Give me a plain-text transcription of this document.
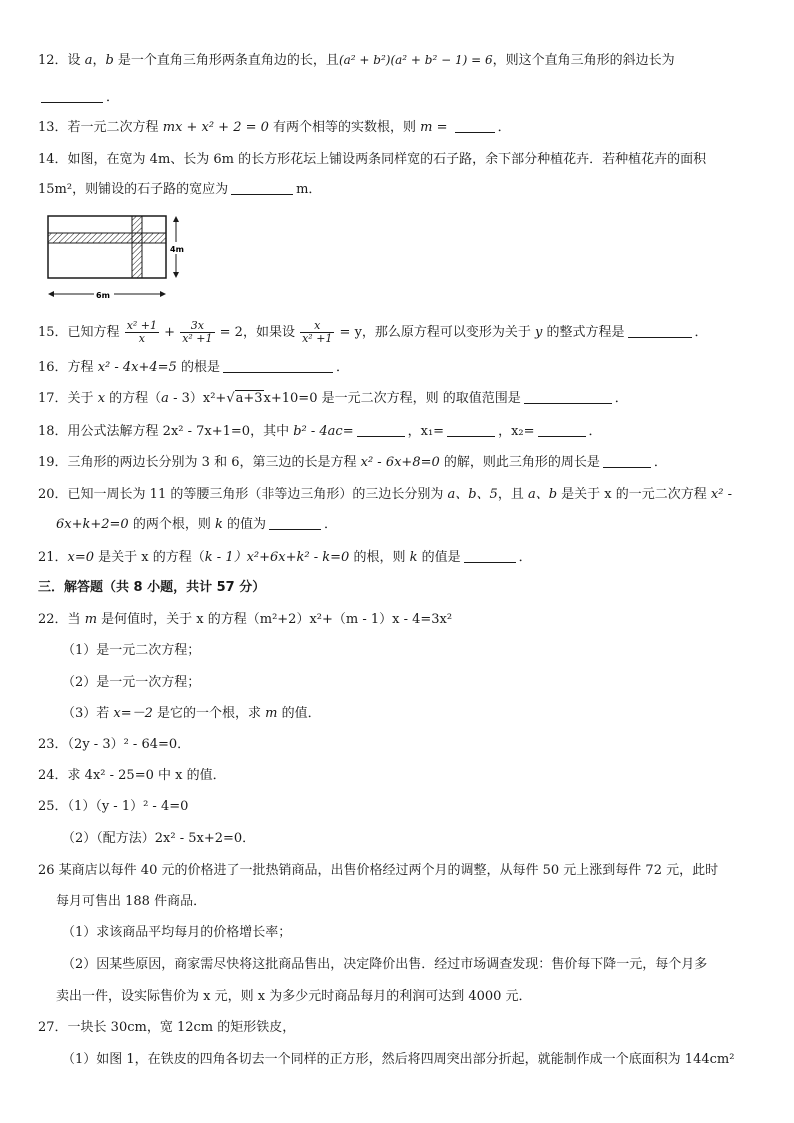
12．设 a，b 是一个直角三角形两条直角边的长，且(a² + b²)(a² + b² − 1) = 6，则这个直角三角形的斜边长为
．
13．若一元二次方程 mx + x² + 2 = 0 有两个相等的实数根，则 m =	．
14．如图，在宽为 4m、长为 6m 的长方形花坛上铺设两条同样宽的石子路，余下部分种植花卉．若种植花卉的面积
15m²，则铺设的石子路的宽应为	m．
4m
6m
15．已知方程 $\frac{\text{x² +1}}{x} + \frac{3x}{\text{x² +1}} = 2$，如果设 $\frac{x}{\text{x² +1}} = y$，那么原方程可以变形为关于 y 的整式方程是	．
16．方程 x² - 4x+4=5 的根是	．
17．关于 x 的方程（a - 3）x²+√a+3x+10=0 是一元二次方程，则 的取值范围是	．
18．用公式法解方程 2x² - 7x+1=0，其中 b² - 4ac=	，x₁=	，x₂=	．
19．三角形的两边长分别为 3 和 6，第三边的长是方程 x² - 6x+8=0 的解，则此三角形的周长是	．
20．已知一周长为 11 的等腰三角形（非等边三角形）的三边长分别为 a、b、5，且 a、b 是关于 x 的一元二次方程 x² -
6x+k+2=0 的两个根，则 k 的值为	．
21．x=0 是关于 x 的方程（k - 1）x²+6x+k² - k=0 的根，则 k 的值是	．
三．解答题（共 8 小题，共计 57 分）
22．当 m 是何值时，关于 x 的方程（m²+2）x²+（m - 1）x - 4=3x²
（1）是一元二次方程；
（2）是一元一次方程；
（3）若 x=－2 是它的一个根，求 m 的值．
23．（2y - 3）² - 64=0．
24．求 4x² - 25=0 中 x 的值．
25．（1）（y - 1）² - 4=0
（2）（配方法）2x² - 5x+2=0．
26 某商店以每件 40 元的价格进了一批热销商品，出售价格经过两个月的调整，从每件 50 元上涨到每件 72 元，此时
每月可售出 188 件商品．
（1）求该商品平均每月的价格增长率；
（2）因某些原因，商家需尽快将这批商品售出，决定降价出售．经过市场调查发现：售价每下降一元，每个月多
卖出一件，设实际售价为 x 元，则 x 为多少元时商品每月的利润可达到 4000 元．
27．一块长 30cm，宽 12cm 的矩形铁皮，
（1）如图 1，在铁皮的四角各切去一个同样的正方形，然后将四周突出部分折起，就能制作成一个底面积为 144cm²
